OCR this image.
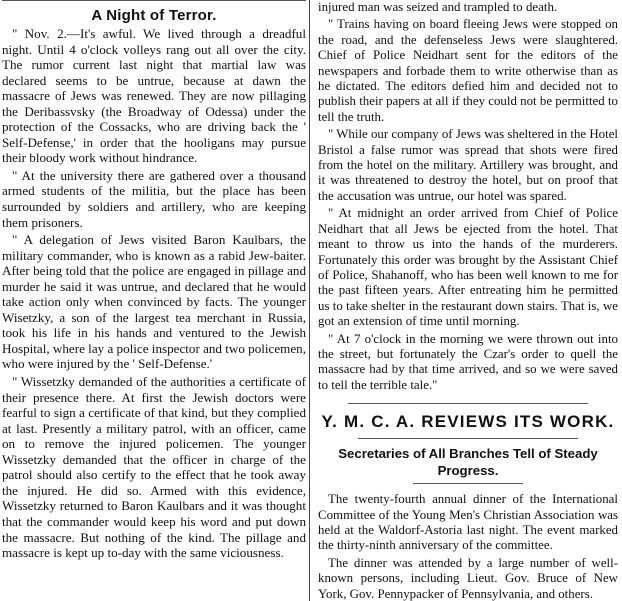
A Night of Terror.

" Nov. 2.—It's awful. We lived through a dreadful night. Until 4 o'clock volleys rang out all over the city. The rumor current last night that martial law was declared seems to be untrue, because at dawn the massacre of Jews was renewed. They are now pillaging the Deribassvsky (the Broadway of Odessa) under the protection of the Cossacks, who are driving back the ' Self-Defense,' in order that the hooligans may pursue their bloody work without hindrance.

" At the university there are gathered over a thousand armed students of the militia, but the place has been surrounded by soldiers and artillery, who are keeping them prisoners.

" A delegation of Jews visited Baron Kaulbars, the military commander, who is known as a rabid Jew-baiter. After being told that the police are engaged in pillage and murder he said it was untrue, and declared that he would take action only when convinced by facts. The younger Wisetzky, a son of the largest tea merchant in Russia, took his life in his hands and ventured to the Jewish Hospital, where lay a police inspector and two policemen, who were injured by the ' Self-Defense.'

" Wissetzky demanded of the authorities a certificate of their presence there. At first the Jewish doctors were fearful to sign a certificate of that kind, but they complied at last. Presently a military patrol, with an officer, came on to remove the injured policemen. The younger Wissetzky demanded that the officer in charge of the patrol should also certify to the effect that he took away the injured. He did so. Armed with this evidence, Wissetzky returned to Baron Kaulbars and it was thought that the commander would keep his word and put down the massacre. But nothing of the kind. The pillage and massacre is kept up to-day with the same viciousness.

injured man was seized and trampled to death.

" Trains having on board fleeing Jews were stopped on the road, and the defenseless Jews were slaughtered. Chief of Police Neidhart sent for the editors of the newspapers and forbade them to write otherwise than as he dictated. The editors defied him and decided not to publish their papers at all if they could not be permitted to tell the truth.

" While our company of Jews was sheltered in the Hotel Bristol a false rumor was spread that shots were fired from the hotel on the military. Artillery was brought, and it was threatened to destroy the hotel, but on proof that the accusation was untrue, our hotel was spared.

" At midnight an order arrived from Chief of Police Neidhart that all Jews be ejected from the hotel. That meant to throw us into the hands of the murderers. Fortunately this order was brought by the Assistant Chief of Police, Shahanoff, who has been well known to me for the past fifteen years. After entreating him he permitted us to take shelter in the restaurant down stairs. That is, we got an extension of time until morning.

" At 7 o'clock in the morning we were thrown out into the street, but fortunately the Czar's order to quell the massacre had by that time arrived, and so we were saved to tell the terrible tale."

Y. M. C. A. REVIEWS ITS WORK.
Secretaries of All Branches Tell of Steady Progress.

The twenty-fourth annual dinner of the International Committee of the Young Men's Christian Association was held at the Waldorf-Astoria last night. The event marked the thirty-ninth anniversary of the committee.

The dinner was attended by a large number of well-known persons, including Lieut. Gov. Bruce of New York, Gov. Pennypacker of Pennsylvania, and others.
